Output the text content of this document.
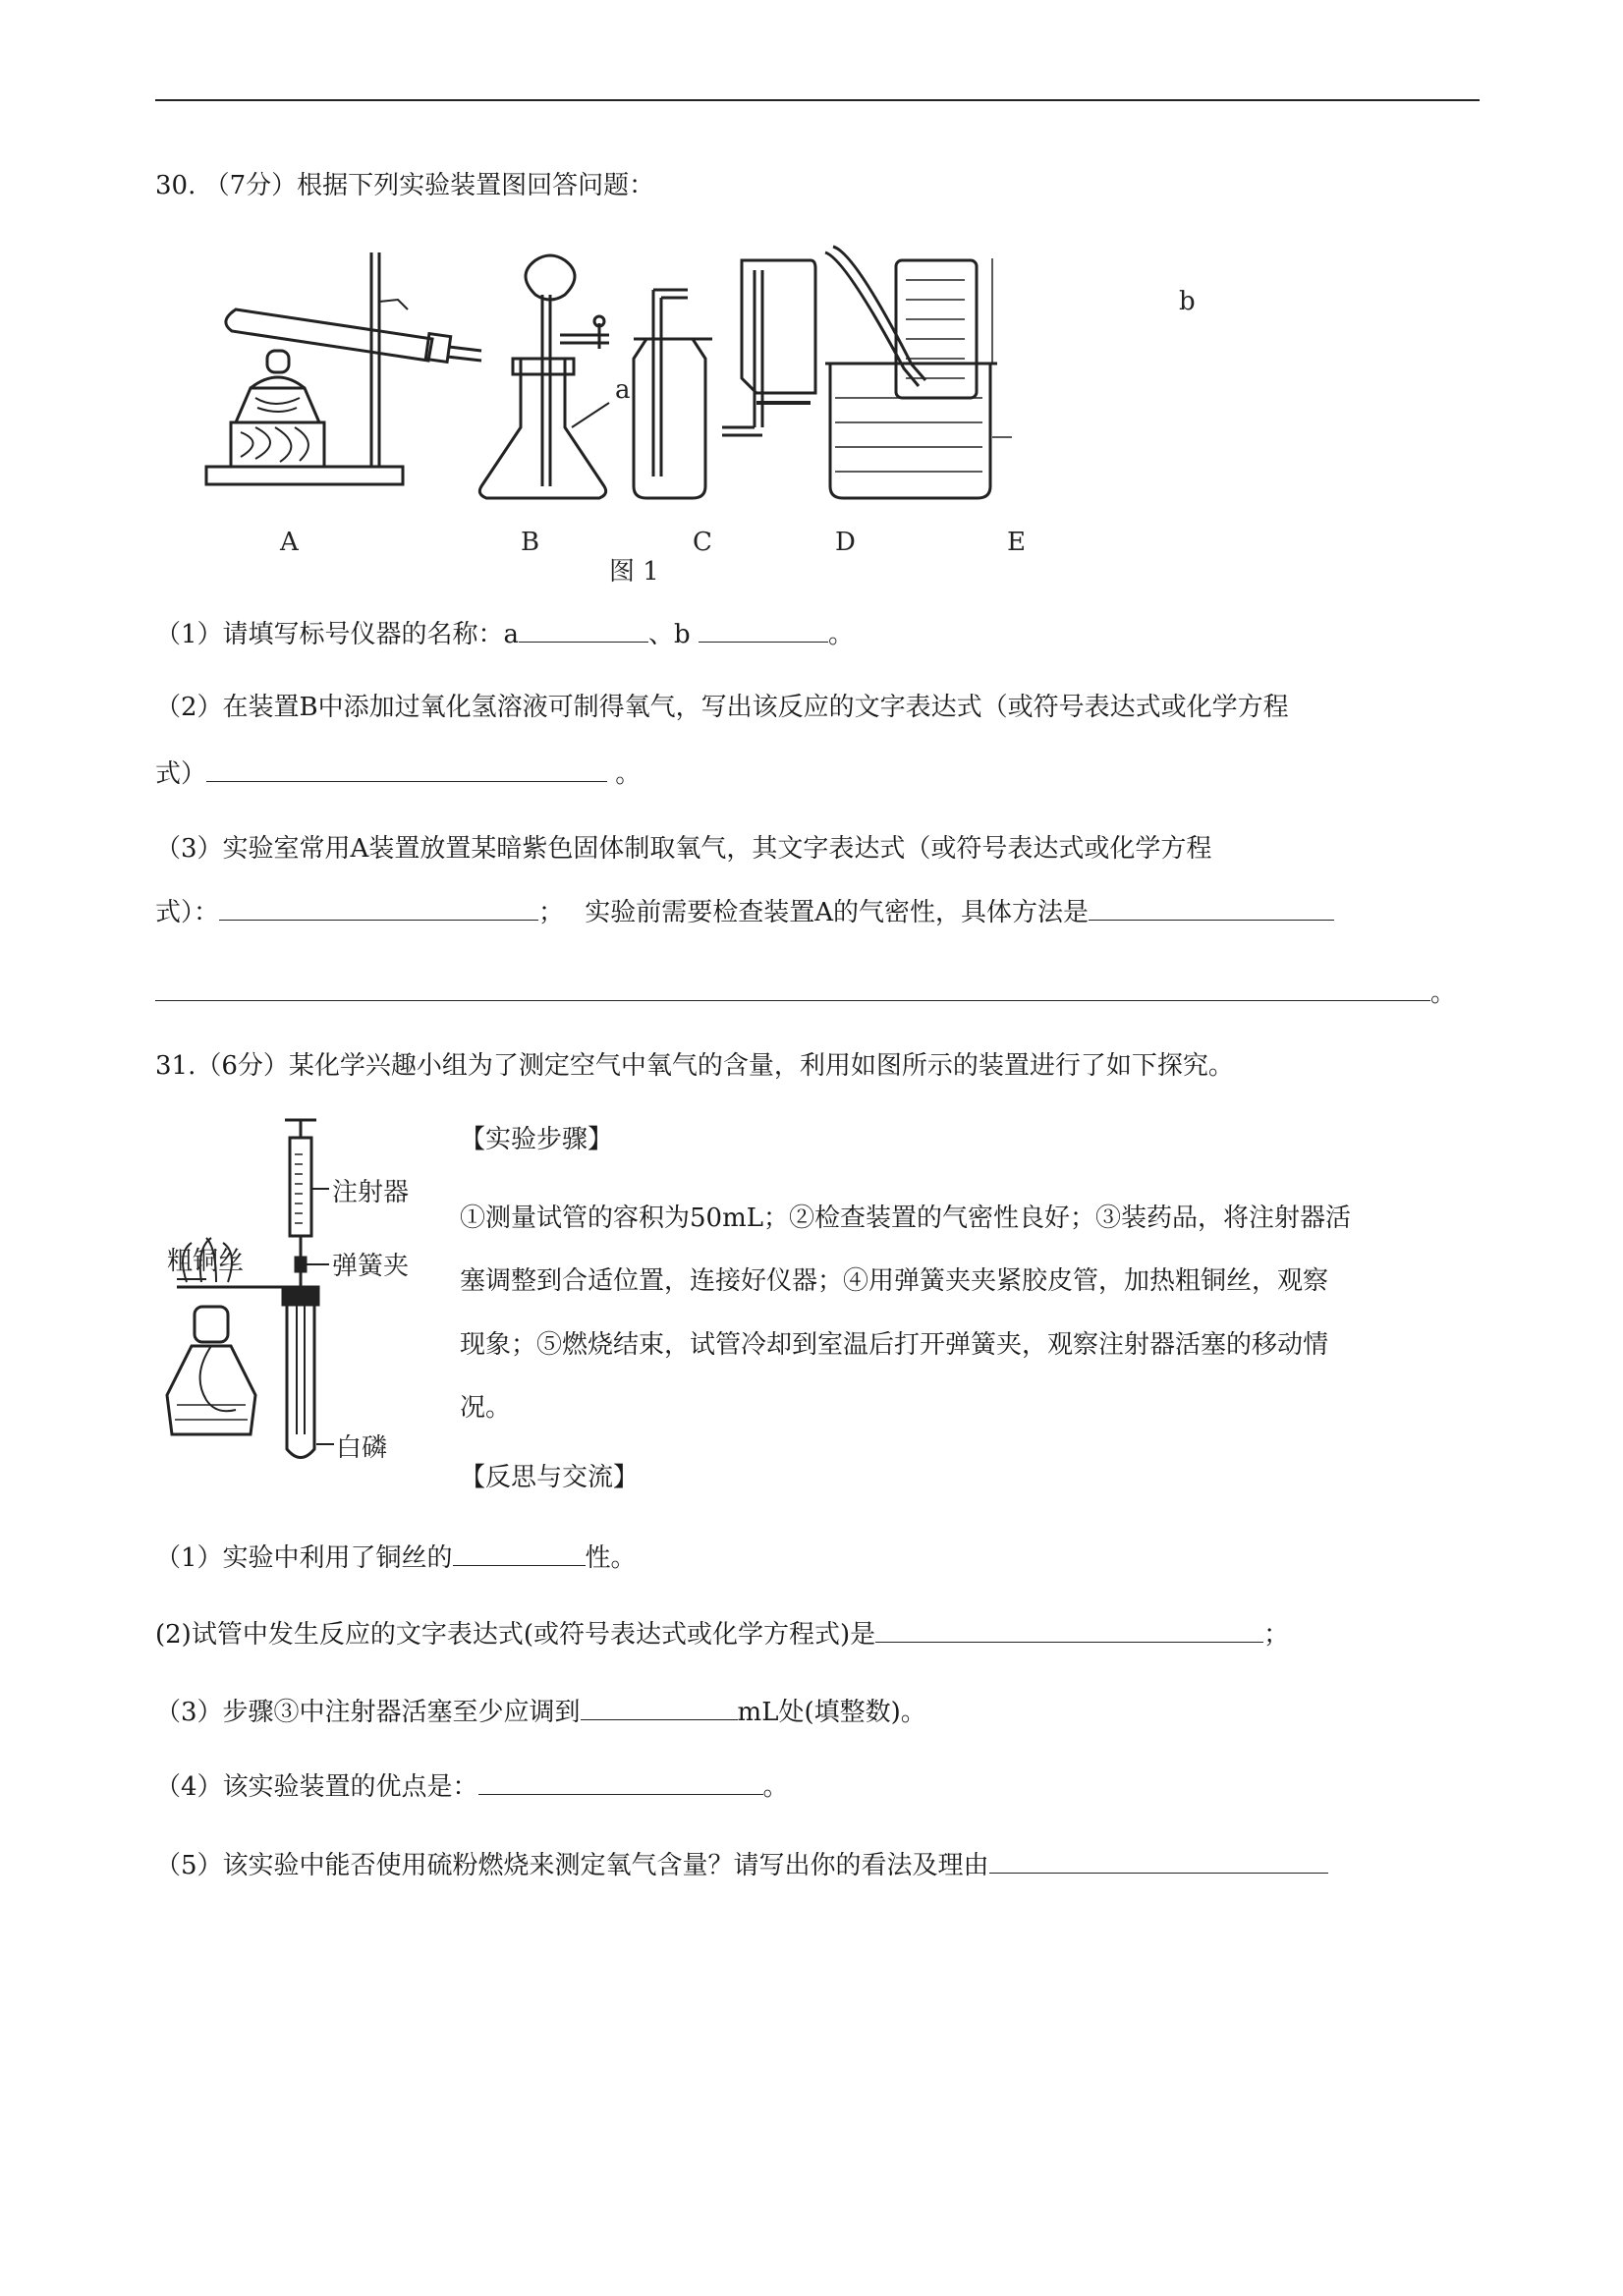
30. （7分）根据下列实验装置图回答问题：
A	B	C	D	E
a
b
图 1
（1）请填写标号仪器的名称：a	、b	。
（2）在装置B中添加过氧化氢溶液可制得氧气，写出该反应的文字表达式（或符号表达式或化学方程
式）	。
（3）实验室常用A装置放置某暗紫色固体制取氧气，其文字表达式（或符号表达式或化学方程
式）：	；　 实验前需要检查装置A的气密性，具体方法是
。
31.（6分）某化学兴趣小组为了测定空气中氧气的含量，利用如图所示的装置进行了如下探究。
注射器
粗铜丝	弹簧夹
白磷
【实验步骤】
①测量试管的容积为50mL；②检查装置的气密性良好；③装药品，将注射器活
塞调整到合适位置，连接好仪器；④用弹簧夹夹紧胶皮管，加热粗铜丝，观察
现象；⑤燃烧结束，试管冷却到室温后打开弹簧夹，观察注射器活塞的移动情
况。
【反思与交流】
（1）实验中利用了铜丝的	性。
(2)试管中发生反应的文字表达式(或符号表达式或化学方程式)是	；
（3）步骤③中注射器活塞至少应调到	mL处(填整数)。
（4）该实验装置的优点是：	。
（5）该实验中能否使用硫粉燃烧来测定氧气含量？请写出你的看法及理由
